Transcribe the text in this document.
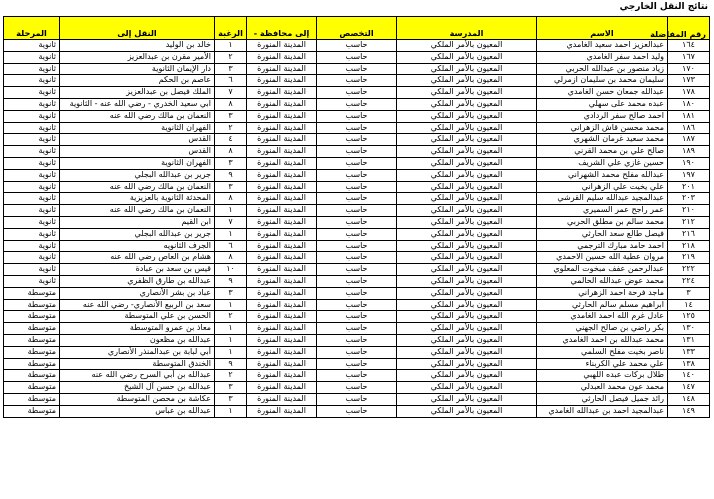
نتائج النقل الخارجي
رقم المفاضلة	الاسم	المدرسة	التخصص	إلى محافظة -	الرغبة	النقل إلى	المرحلة
١٦٤	عبدالعزيز احمد سعيد الغامدي	المعيون بالأمر الملكي	حاسب	المدينة المنورة	١	خالد بن الوليد	ثانوية
١٦٧	وليد احمد سفر الغامدي	المعيون بالأمر الملكي	حاسب	المدينة المنورة	٢	الأمير مقرن بن عبدالعزيز	ثانوية
١٧٠	زياد منصور بن عيدالله الحربي	المعيون بالأمر الملكي	حاسب	المدينة المنورة	٣	دار الإيمان الثانوية	ثانوية
١٧٣	سليمان محمد بن سليمان ازمرلي	المعيون بالأمر الملكي	حاسب	المدينة المنورة	٦	عاصم بن الحكم	ثانوية
١٧٨	عبدالله جمعان حسن الغامدي	المعيون بالأمر الملكي	حاسب	المدينة المنورة	٧	الملك فيصل بن عبدالعزيز	ثانوية
١٨٠	عبده محمد على سهلي	المعيون بالأمر الملكي	حاسب	المدينة المنورة	٨	ابي سعيد الخدري - رضي الله عنه - الثانوية	ثانوية
١٨١	احمد صالح سفر الردادي	المعيون بالأمر الملكي	حاسب	المدينة المنورة	٣	النعمان بن مالك رضي الله عنه	ثانوية
١٨٦	محمد محسن قاش الزهراني	المعيون بالأمر الملكي	حاسب	المدينة المنورة	٢	الفهران الثانوية	ثانوية
١٨٧	محمد سعيد غرمان الشهري	المعيون بالأمر الملكي	حاسب	المدينة المنورة	٤	القدس	ثانوية
١٨٩	صالح علي بن محمد القرني	المعيون بالأمر الملكي	حاسب	المدينة المنورة	٨	القدس	ثانوية
١٩٠	حسين غازي علي الشريف	المعيون بالأمر الملكي	حاسب	المدينة المنورة	٣	الفهران الثانوية	ثانوية
١٩٧	عبدالله مفلح محمد الشهراني	المعيون بالأمر الملكي	حاسب	المدينة المنورة	٩	جرير بن عبدالله البجلي	ثانوية
٢٠١	علي يخيت علي الزهراني	المعيون بالأمر الملكي	حاسب	المدينة المنورة	٣	النعمان بن مالك رضي الله عنه	ثانوية
٢٠٣	عبدالمجيد عبدالله سليم القرشي	المعيون بالأمر الملكي	حاسب	المدينة المنورة	٨	المحدثة الثانوية بالعزيزية	ثانوية
٢١٠	عمر راجح عمر السميري	المعيون بالأمر الملكي	حاسب	المدينة المنورة	١	النعمان بن مالك رضي الله عنه	ثانوية
٢١٢	محمد سالم بن مطلق الحربي	المعيون بالأمر الملكي	حاسب	المدينة المنورة	٧	ابن القيم	ثانوية
٢١٦	فيصل طالع سعد الحارثي	المعيون بالأمر الملكي	حاسب	المدينة المنورة	١	جرير بن عبدالله البجلي	ثانوية
٢١٨	احمد حامد مبارك الترجمي	المعيون بالأمر الملكي	حاسب	المدينة المنورة	٦	الجرف الثانويه	ثانوية
٢١٩	مروان عطية الله حسين الاحمدي	المعيون بالأمر الملكي	حاسب	المدينة المنورة	٨	هشام بن العاص رضي الله عنه	ثانوية
٢٢٢	عبدالرحمن عفف مبخوت المعلوي	المعيون بالأمر الملكي	حاسب	المدينة المنورة	١٠	قيس بن سعد بن عبادة	ثانوية
٢٢٤	محمد عوض عبدالله الحالمي	المعيون بالأمر الملكي	حاسب	المدينة المنورة	٩	عبدالله بن طارق الظفري	ثانوية
٣	ماجد فرحة احمد الزهراني	المعيون بالأمر الملكي	حاسب	المدينة المنورة	٣	عباد بن بشر الأنصاري	متوسطة
١٤	ابراهيم مسلم سالم الحارثي	المعيون بالأمر الملكي	حاسب	المدينة المنورة	١	سعد بن الربيع الأنصاري- رضي الله عنه	متوسطة
١٢٥	عادل غرم الله احمد الغامدي	المعيون بالأمر الملكي	حاسب	المدينة المنورة	٢	الحسن بن علي المتوسطة	متوسطة
١٣٠	بكر راضي بن صالح الجهني	المعيون بالأمر الملكي	حاسب	المدينة المنورة	١	معاذ بن عمرو المتوسطة	متوسطة
١٣١	محمد عبدالله بن احمد الغامدي	المعيون بالأمر الملكي	حاسب	المدينة المنورة	١	عبدالله بن مظعون	متوسطة
١٣٣	ناصر بخيت مفلح السلمي	المعيون بالأمر الملكي	حاسب	المدينة المنورة	١	أبي لبابة بن عبدالمنذر الأنصاري	متوسطة
١٣٨	علي محمد علي الكربناء	المعيون بالأمر الملكي	حاسب	المدينة المنورة	٩	الخندق المتوسطة	متوسطة
١٤٠	طلال بركات عبده اللهبي	المعيون بالأمر الملكي	حاسب	المدينة المنورة	٢	عبدالله بن أبي السرح رضي الله عنه	متوسطة
١٤٧	محمد عون محمد العبدلي	المعيون بالأمر الملكي	حاسب	المدينة المنورة	٣	عبدالله بن حسن آل الشيخ	متوسطة
١٤٨	رائد جميل فيصل الحارثي	المعيون بالأمر الملكي	حاسب	المدينة المنورة	٣	عكاشة بن محصن المتوسطة	متوسطة
١٤٩	عبدالمجيد احمد بن عبدالله الغامدي	المعيون بالأمر الملكي	حاسب	المدينة المنورة	١	عبدالله بن عباس	متوسطة
